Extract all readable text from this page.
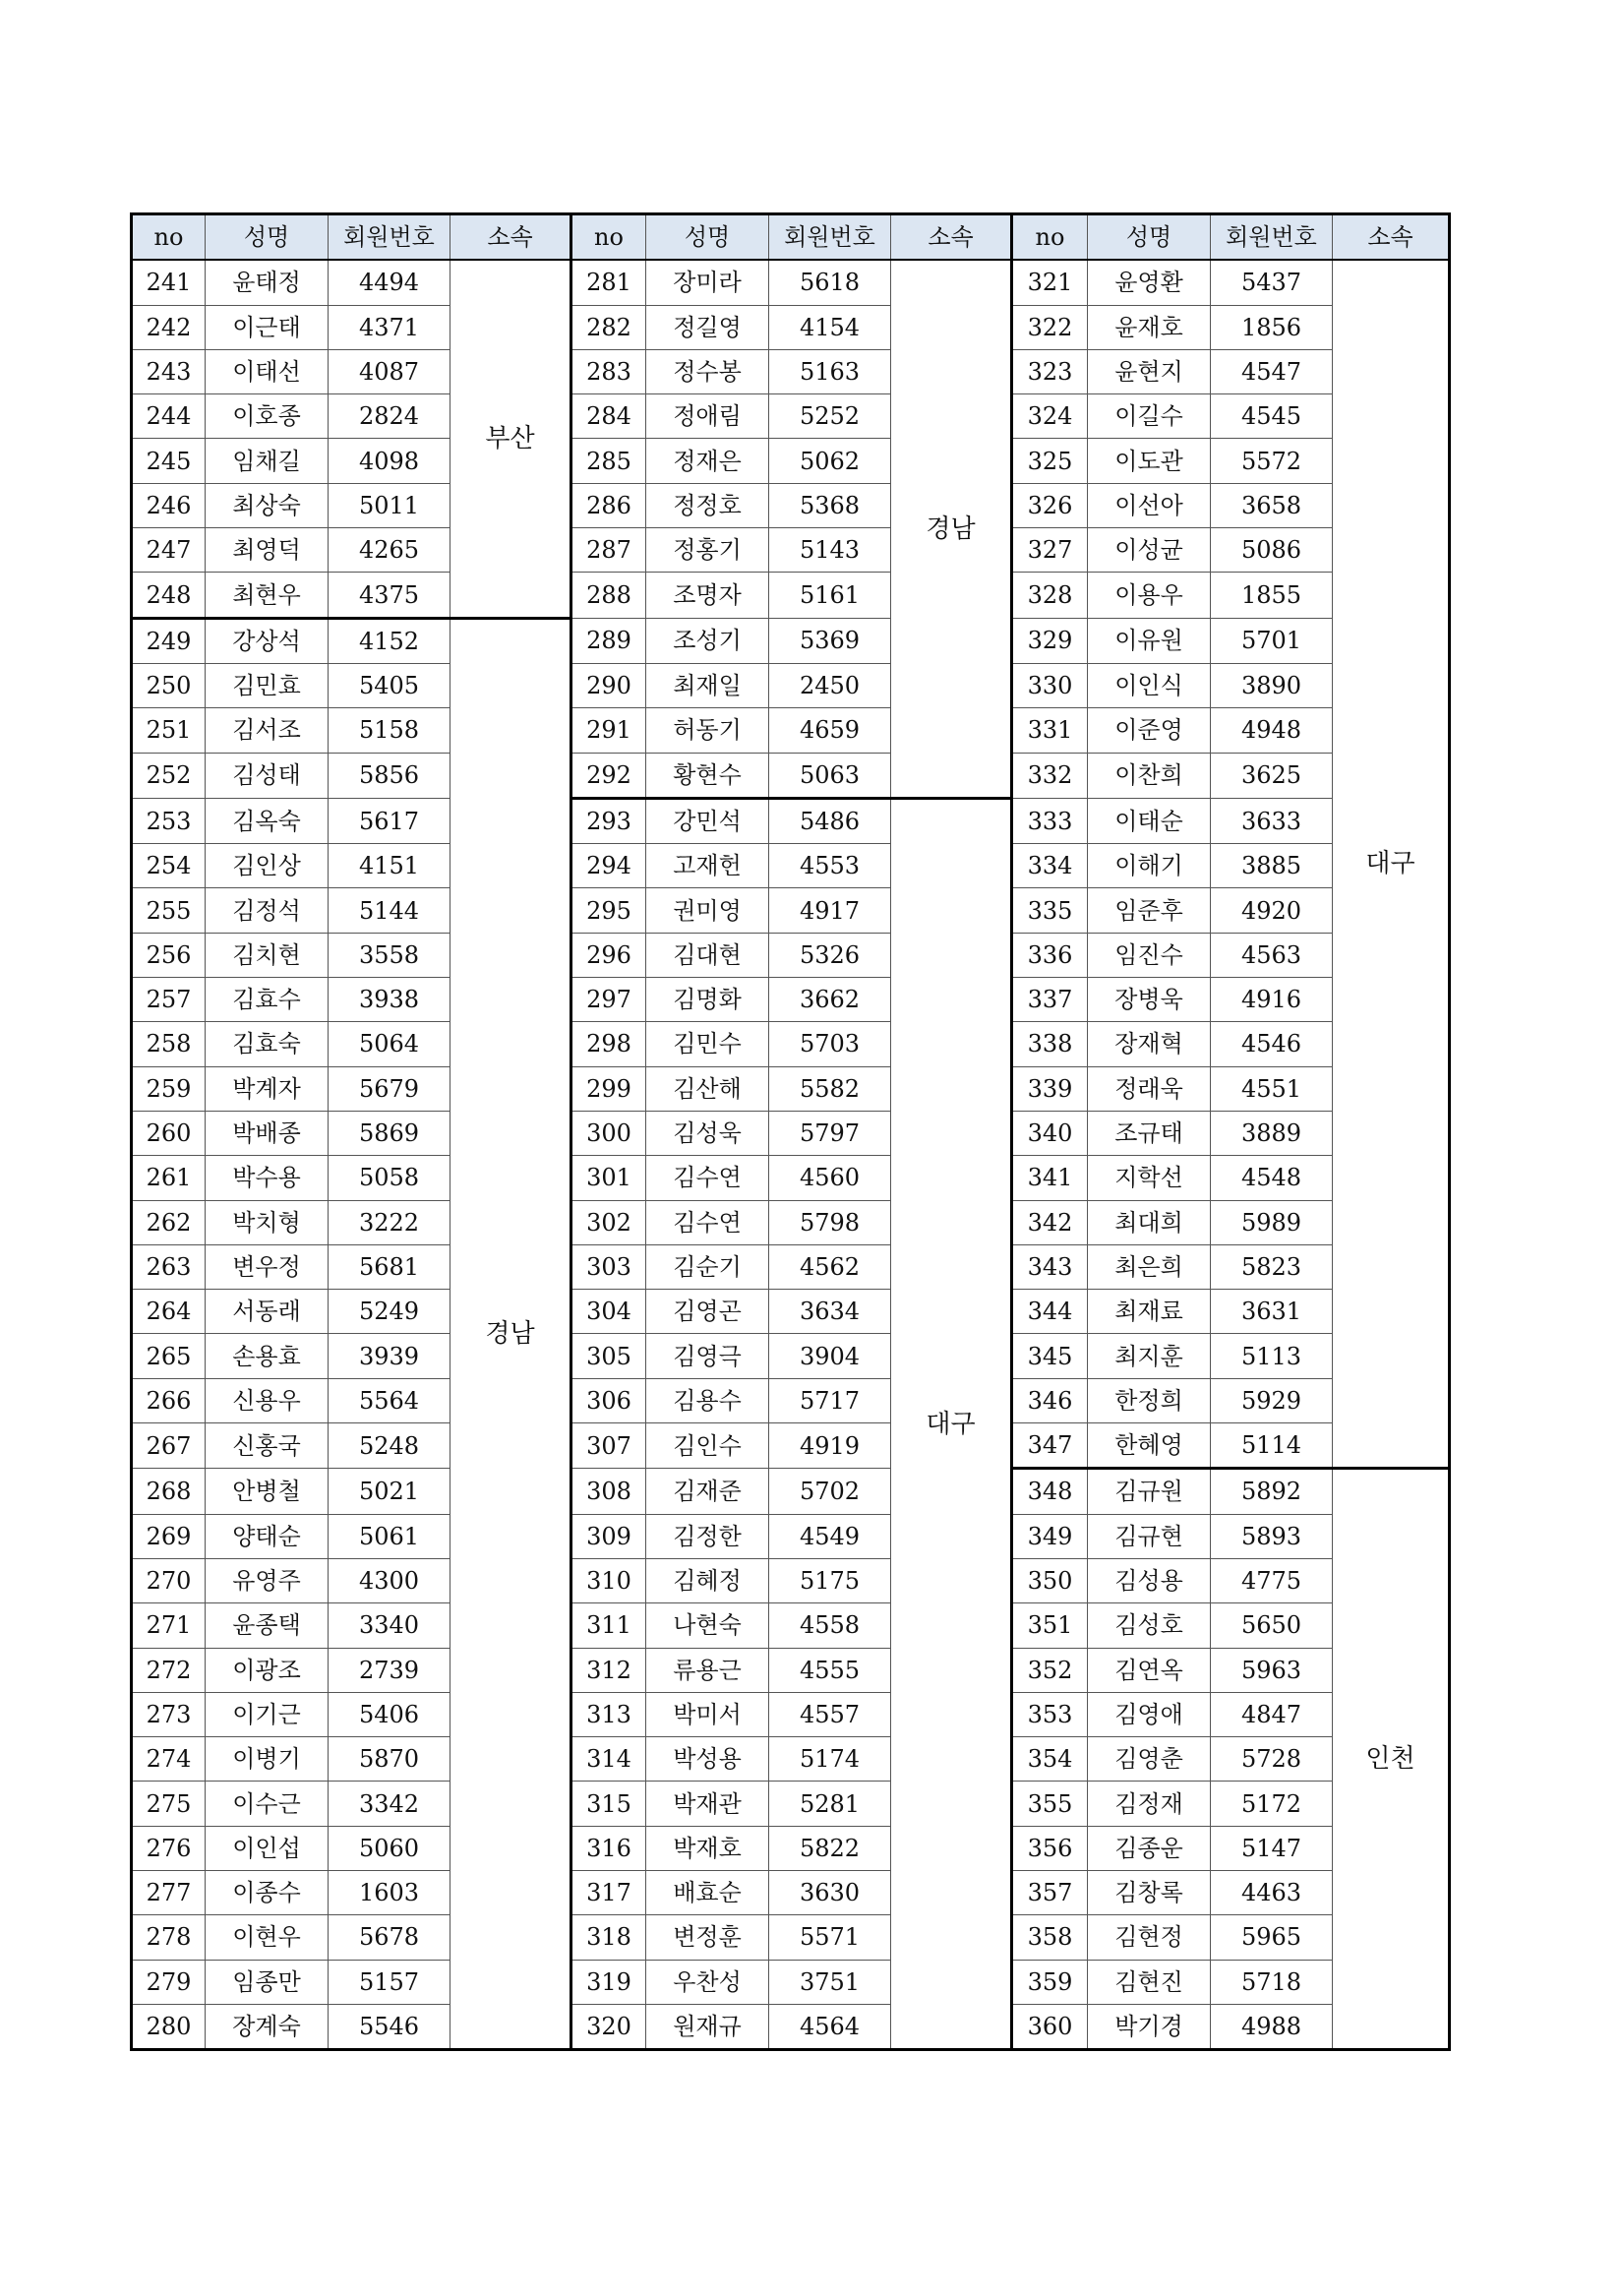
no	성명	회원번호	소속	no	성명	회원번호	소속	no	성명	회원번호	소속
241	윤태정	4494	부산	281	장미라	5618	경남	321	윤영환	5437	대구
242	이근태	4371		282	정길영	4154		322	윤재호	1856	
243	이태선	4087		283	정수봉	5163		323	윤현지	4547	
244	이호종	2824		284	정애림	5252		324	이길수	4545	
245	임채길	4098		285	정재은	5062		325	이도관	5572	
246	최상숙	5011		286	정정호	5368		326	이선아	3658	
247	최영덕	4265		287	정홍기	5143		327	이성균	5086	
248	최현우	4375		288	조명자	5161		328	이용우	1855	
249	강상석	4152	경남	289	조성기	5369		329	이유원	5701	
250	김민효	5405		290	최재일	2450		330	이인식	3890	
251	김서조	5158		291	허동기	4659		331	이준영	4948	
252	김성태	5856		292	황현수	5063		332	이찬희	3625	
253	김옥숙	5617		293	강민석	5486	대구	333	이태순	3633	
254	김인상	4151		294	고재헌	4553		334	이해기	3885	
255	김정석	5144		295	권미영	4917		335	임준후	4920	
256	김치현	3558		296	김대현	5326		336	임진수	4563	
257	김효수	3938		297	김명화	3662		337	장병욱	4916	
258	김효숙	5064		298	김민수	5703		338	장재혁	4546	
259	박계자	5679		299	김산해	5582		339	정래욱	4551	
260	박배종	5869		300	김성욱	5797		340	조규태	3889	
261	박수용	5058		301	김수연	4560		341	지학선	4548	
262	박치형	3222		302	김수연	5798		342	최대희	5989	
263	변우정	5681		303	김순기	4562		343	최은희	5823	
264	서동래	5249		304	김영곤	3634		344	최재료	3631	
265	손용효	3939		305	김영극	3904		345	최지훈	5113	
266	신용우	5564		306	김용수	5717		346	한정희	5929	
267	신홍국	5248		307	김인수	4919		347	한혜영	5114	
268	안병철	5021		308	김재준	5702		348	김규원	5892	인천
269	양태순	5061		309	김정한	4549		349	김규현	5893	
270	유영주	4300		310	김혜정	5175		350	김성용	4775	
271	윤종택	3340		311	나현숙	4558		351	김성호	5650	
272	이광조	2739		312	류용근	4555		352	김연옥	5963	
273	이기근	5406		313	박미서	4557		353	김영애	4847	
274	이병기	5870		314	박성용	5174		354	김영춘	5728	
275	이수근	3342		315	박재관	5281		355	김정재	5172	
276	이인섭	5060		316	박재호	5822		356	김종운	5147	
277	이종수	1603		317	배효순	3630		357	김창록	4463	
278	이현우	5678		318	변정훈	5571		358	김현정	5965	
279	임종만	5157		319	우찬성	3751		359	김현진	5718	
280	장계숙	5546		320	원재규	4564		360	박기경	4988	
